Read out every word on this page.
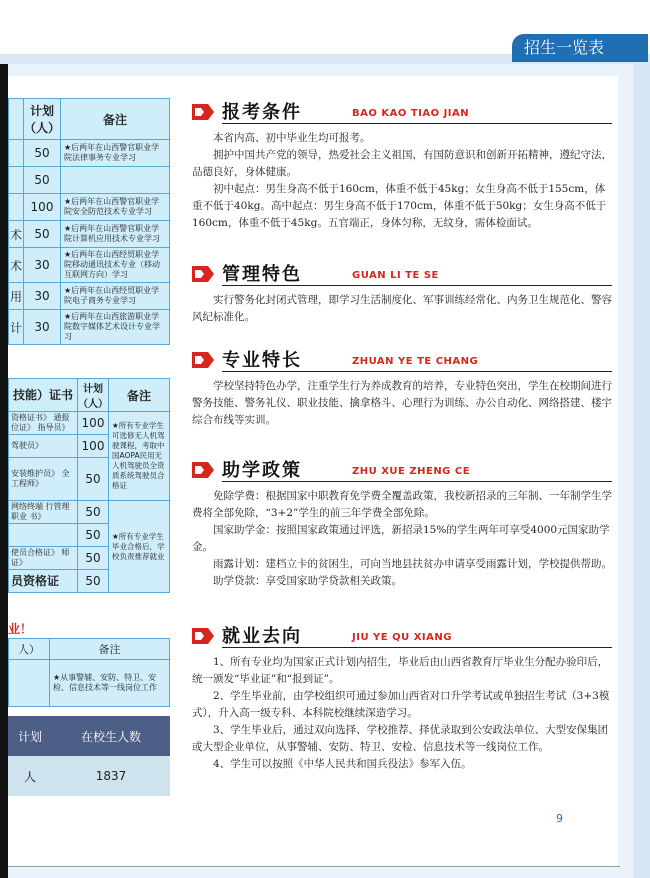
招生一览表
	计划（人）	备注
	50	★后两年在山西警官职业学院法律事务专业学习
	50	
	100	★后两年在山西警官职业学院安全防范技术专业学习
术	50	★后两年在山西警官职业学院计算机应用技术专业学习
术	30	★后两年在山西经贸职业学院移动通讯技术专业（移动互联网方向）学习
用	30	★后两年在山西经贸职业学院电子商务专业学习
计	30	★后两年在山西旅游职业学院数字媒体艺术设计专业学习
技能）证书	计划（人）	备注
资格证书》 通报位证》 指导员》	100	★所有专业学生可选修无人机驾驶课程，考取中国AOPA民用无人机驾驶员全资质系统驾驶员合格证
驾驶员》	100	
安装维护员》 全工程师》	50	
网络终端 行管理职业 书》	50	★所有专业学生毕业合格后，学校负责推荐就业
	50	
使员合格证》 师证》	50	
员资格证	50	
业！
人）	备注
	★从事警辅、安防、特卫、安检、信息技术等一线岗位工作
计划	在校生人数
人	1837
报考条件	BAO KAO TIAO JIAN

本省内高、初中毕业生均可报考。

拥护中国共产党的领导，热爱社会主义祖国，有国防意识和创新开拓精神，遵纪守法，品德良好，身体健康。

初中起点：男生身高不低于160cm，体重不低于45kg；女生身高不低于155cm，体重不低于40kg。高中起点：男生身高不低于170cm，体重不低于50kg；女生身高不低于160cm，体重不低于45kg。五官端正，身体匀称，无纹身，需体检面试。

管理特色	GUAN LI TE SE

实行警务化封闭式管理，即学习生活制度化、军事训练经常化、内务卫生规范化、警容风纪标准化。

专业特长	ZHUAN YE TE CHANG

学校坚持特色办学，注重学生行为养成教育的培养，专业特色突出，学生在校期间进行警务技能、警务礼仪、职业技能、擒拿格斗、心理行为训练、办公自动化、网络搭建、楼宇综合布线等实训。

助学政策	ZHU XUE ZHENG CE

免除学费：根据国家中职教育免学费全覆盖政策，我校新招录的三年制、一年制学生学费将全部免除，“3+2”学生的前三年学费全部免除。

国家助学金：按照国家政策通过评选，新招录15%的学生两年可享受4000元国家助学金。

雨露计划：建档立卡的贫困生，可向当地县扶贫办申请享受雨露计划，学校提供帮助。

助学贷款：享受国家助学贷款相关政策。

就业去向	JIU YE QU XIANG

1、所有专业均为国家正式计划内招生，毕业后由山西省教育厅毕业生分配办验印后，统一颁发“毕业证”和“报到证”。

2、学生毕业前，由学校组织可通过参加山西省对口升学考试或单独招生考试（3+3模式），升入高一级专科、本科院校继续深造学习。

3、学生毕业后，通过双向选择、学校推荐、择优录取到公安政法单位、大型安保集团或大型企业单位，从事警辅、安防、特卫、安检、信息技术等一线岗位工作。

4、学生可以按照《中华人民共和国兵役法》参军入伍。

9
